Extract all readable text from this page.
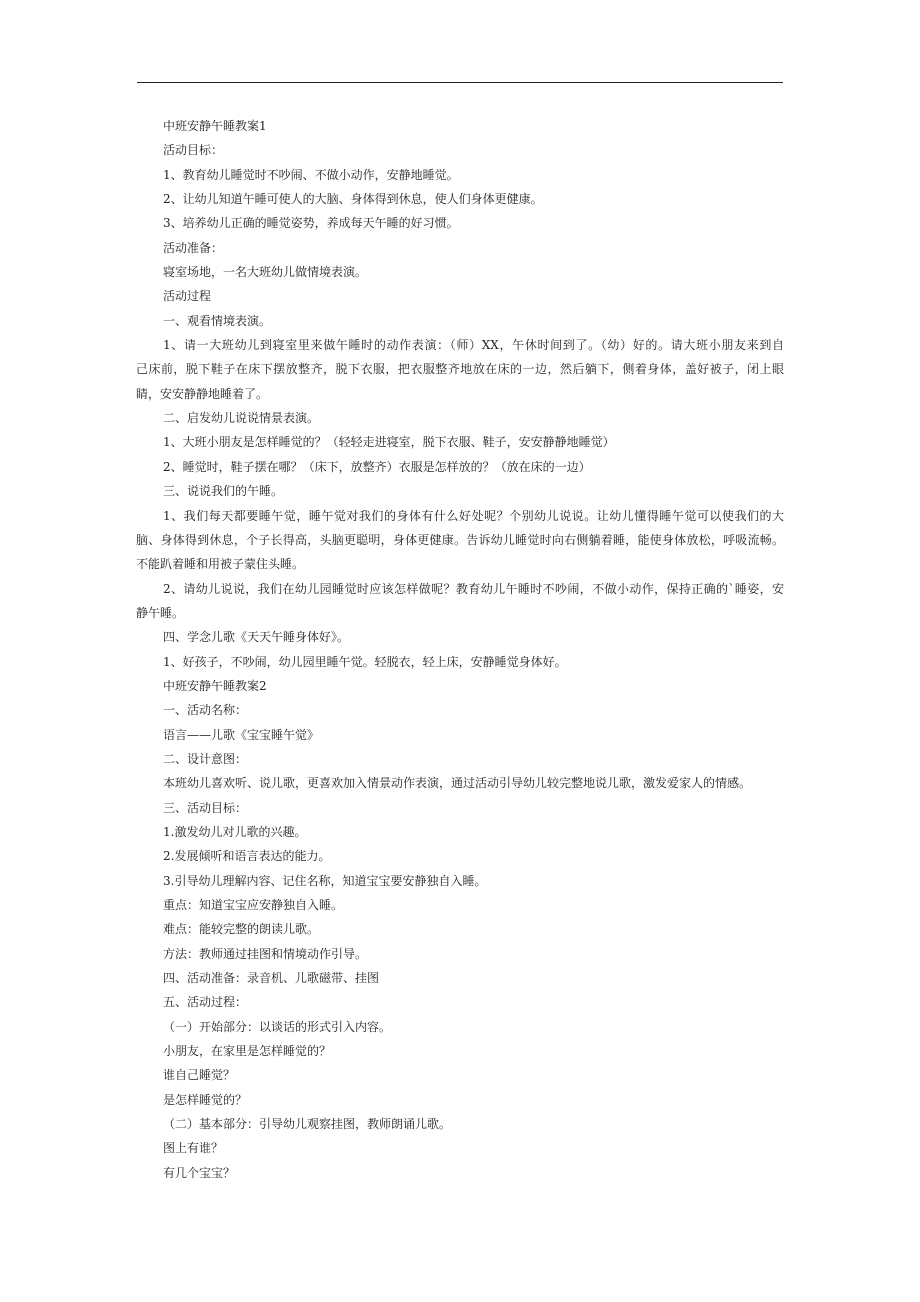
中班安静午睡教案1
活动目标：
1、教育幼儿睡觉时不吵闹、不做小动作，安静地睡觉。
2、让幼儿知道午睡可使人的大脑、身体得到休息，使人们身体更健康。
3、培养幼儿正确的睡觉姿势，养成每天午睡的好习惯。
活动准备：
寝室场地，一名大班幼儿做情境表演。
活动过程
一、观看情境表演。
1、请一大班幼儿到寝室里来做午睡时的动作表演：（师）XX，午休时间到了。（幼）好的。请大班小朋友来到自
己床前，脱下鞋子在床下摆放整齐，脱下衣服，把衣服整齐地放在床的一边，然后躺下，侧着身体，盖好被子，闭上眼
睛，安安静静地睡着了。
二、启发幼儿说说情景表演。
1、大班小朋友是怎样睡觉的？（轻轻走进寝室，脱下衣服、鞋子，安安静静地睡觉）
2、睡觉时，鞋子摆在哪？（床下，放整齐）衣服是怎样放的？（放在床的一边）
三、说说我们的午睡。
1、我们每天都要睡午觉，睡午觉对我们的身体有什么好处呢？个别幼儿说说。让幼儿懂得睡午觉可以使我们的大
脑、身体得到休息，个子长得高，头脑更聪明，身体更健康。告诉幼儿睡觉时向右侧躺着睡，能使身体放松，呼吸流畅。
不能趴着睡和用被子蒙住头睡。
2、请幼儿说说，我们在幼儿园睡觉时应该怎样做呢？教育幼儿午睡时不吵闹，不做小动作，保持正确的`睡姿，安
静午睡。
四、学念儿歌《天天午睡身体好》。
1、好孩子，不吵闹，幼儿园里睡午觉。轻脱衣，轻上床，安静睡觉身体好。
中班安静午睡教案2
一、活动名称：
语言——儿歌《宝宝睡午觉》
二、设计意图：
本班幼儿喜欢听、说儿歌，更喜欢加入情景动作表演，通过活动引导幼儿较完整地说儿歌，激发爱家人的情感。
三、活动目标：
1.激发幼儿对儿歌的兴趣。
2.发展倾听和语言表达的能力。
3.引导幼儿理解内容、记住名称，知道宝宝要安静独自入睡。
重点：知道宝宝应安静独自入睡。
难点：能较完整的朗读儿歌。
方法：教师通过挂图和情境动作引导。
四、活动准备：录音机、儿歌磁带、挂图
五、活动过程：
（一）开始部分：以谈话的形式引入内容。
小朋友，在家里是怎样睡觉的？
谁自己睡觉？
是怎样睡觉的？
（二）基本部分：引导幼儿观察挂图，教师朗诵儿歌。
图上有谁？
有几个宝宝？
